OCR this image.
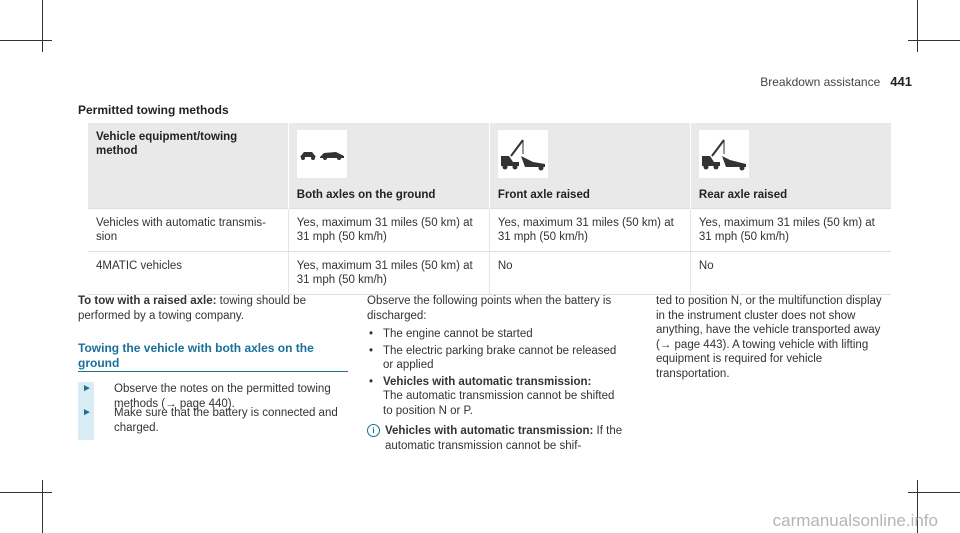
Breakdown assistance 441
Permitted towing methods
Vehicle equipment/towing method	Both axles on the ground	Front axle raised	Rear axle raised
Vehicles with automatic transmis-sion	Yes, maximum 31 miles (50 km) at 31 mph (50 km/h)	Yes, maximum 31 miles (50 km) at 31 mph (50 km/h)	Yes, maximum 31 miles (50 km) at 31 mph (50 km/h)
4MATIC vehicles	Yes, maximum 31 miles (50 km) at 31 mph (50 km/h)	No	No
To tow with a raised axle: towing should be performed by a towing company.
Towing the vehicle with both axles on the ground
► Observe the notes on the permitted towing methods (→ page 440).
► Make sure that the battery is connected and charged.
Observe the following points when the battery is discharged:
• The engine cannot be started
• The electric parking brake cannot be released or applied
• Vehicles with automatic transmission:
The automatic transmission cannot be shifted to position N or P.
i Vehicles with automatic transmission: If the automatic transmission cannot be shif-
ted to position N, or the multifunction display in the instrument cluster does not show anything, have the vehicle transported away (→ page 443). A towing vehicle with lifting equipment is required for vehicle transportation.
carmanualsonline.info
